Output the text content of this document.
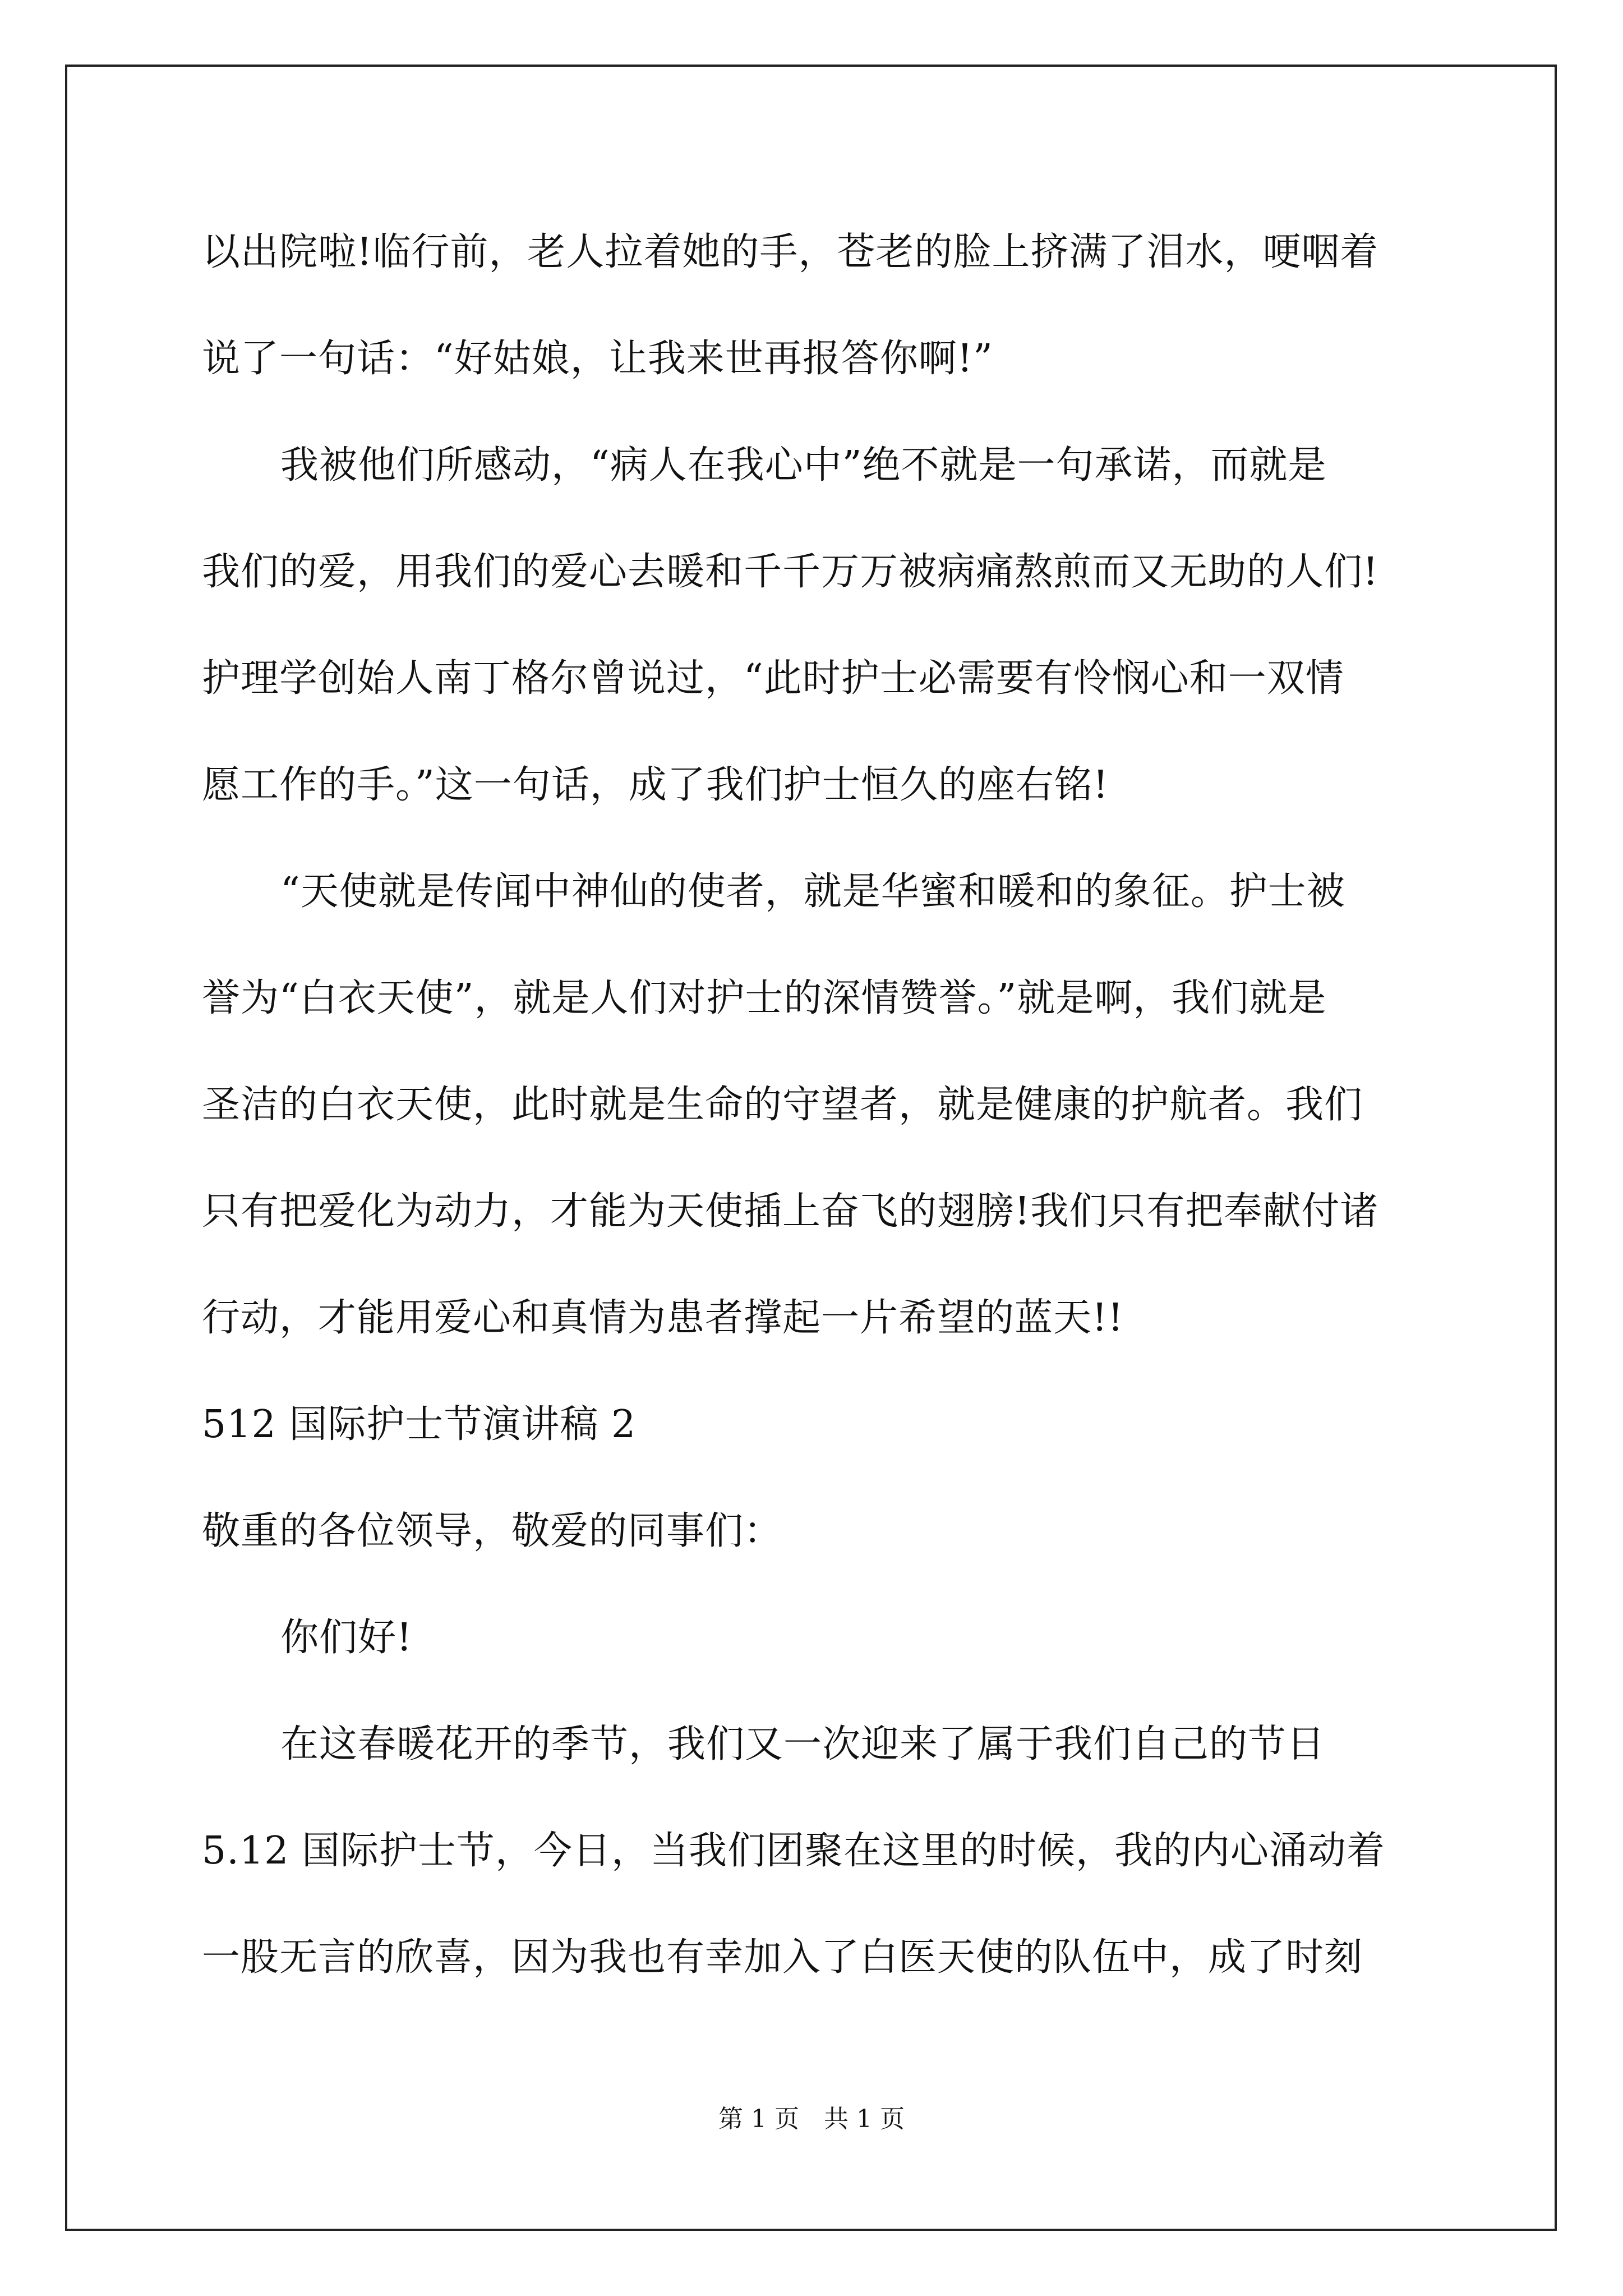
以出院啦!临行前，老人拉着她的手，苍老的脸上挤满了泪水，哽咽着
说了一句话：“好姑娘，让我来世再报答你啊!”
我被他们所感动，“病人在我心中”绝不就是一句承诺，而就是
我们的爱，用我们的爱心去暖和千千万万被病痛熬煎而又无助的人们!
护理学创始人南丁格尔曾说过，“此时护士必需要有怜悯心和一双情
愿工作的手。”这一句话，成了我们护士恒久的座右铭!
“天使就是传闻中神仙的使者，就是华蜜和暖和的象征。护士被
誉为“白衣天使”，就是人们对护士的深情赞誉。”就是啊，我们就是
圣洁的白衣天使，此时就是生命的守望者，就是健康的护航者。我们
只有把爱化为动力，才能为天使插上奋飞的翅膀!我们只有把奉献付诸
行动，才能用爱心和真情为患者撑起一片希望的蓝天!!
512 国际护士节演讲稿 2
敬重的各位领导，敬爱的同事们：
你们好!
在这春暖花开的季节，我们又一次迎来了属于我们自己的节日
5.12 国际护士节，今日，当我们团聚在这里的时候，我的内心涌动着
一股无言的欣喜，因为我也有幸加入了白医天使的队伍中，成了时刻
第 1 页　共 1 页
